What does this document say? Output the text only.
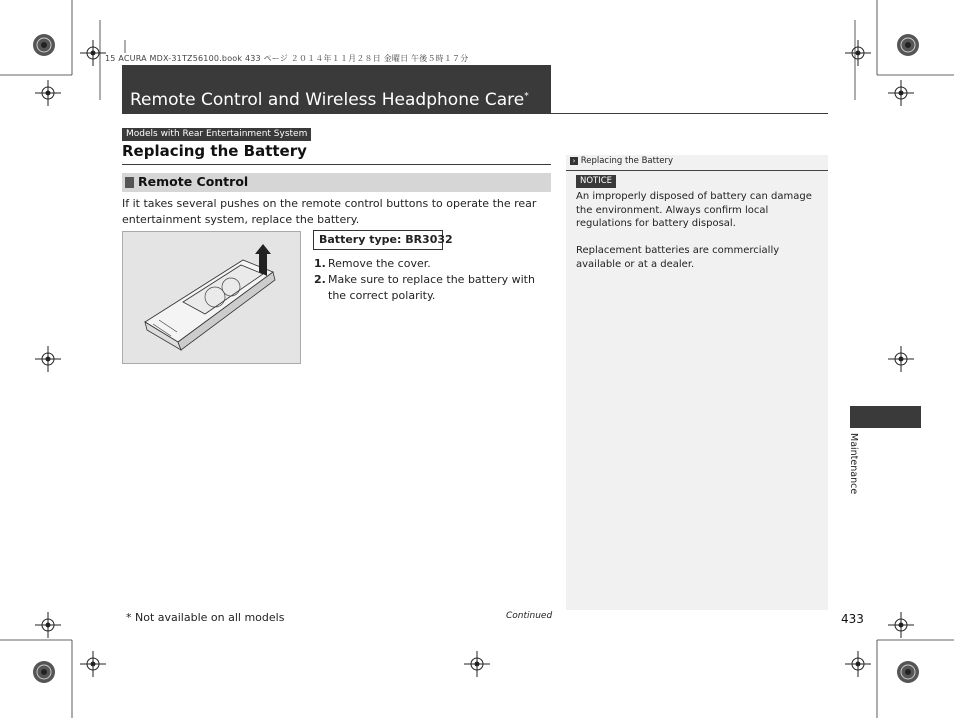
15 ACURA MDX-31TZ56100.book 433 ページ ２０１４年１１月２８日 金曜日 午後５時１７分
Remote Control and Wireless Headphone Care*
Models with Rear Entertainment System
Replacing the Battery
Remote Control
If it takes several pushes on the remote control buttons to operate the rear entertainment system, replace the battery.
Battery type: BR3032
1. Remove the cover.
2. Make sure to replace the battery with the correct polarity.
› Replacing the Battery
NOTICE
An improperly disposed of battery can damage the environment. Always confirm local regulations for battery disposal.
Replacement batteries are commercially available or at a dealer.
Maintenance
* Not available on all models	Continued	433
